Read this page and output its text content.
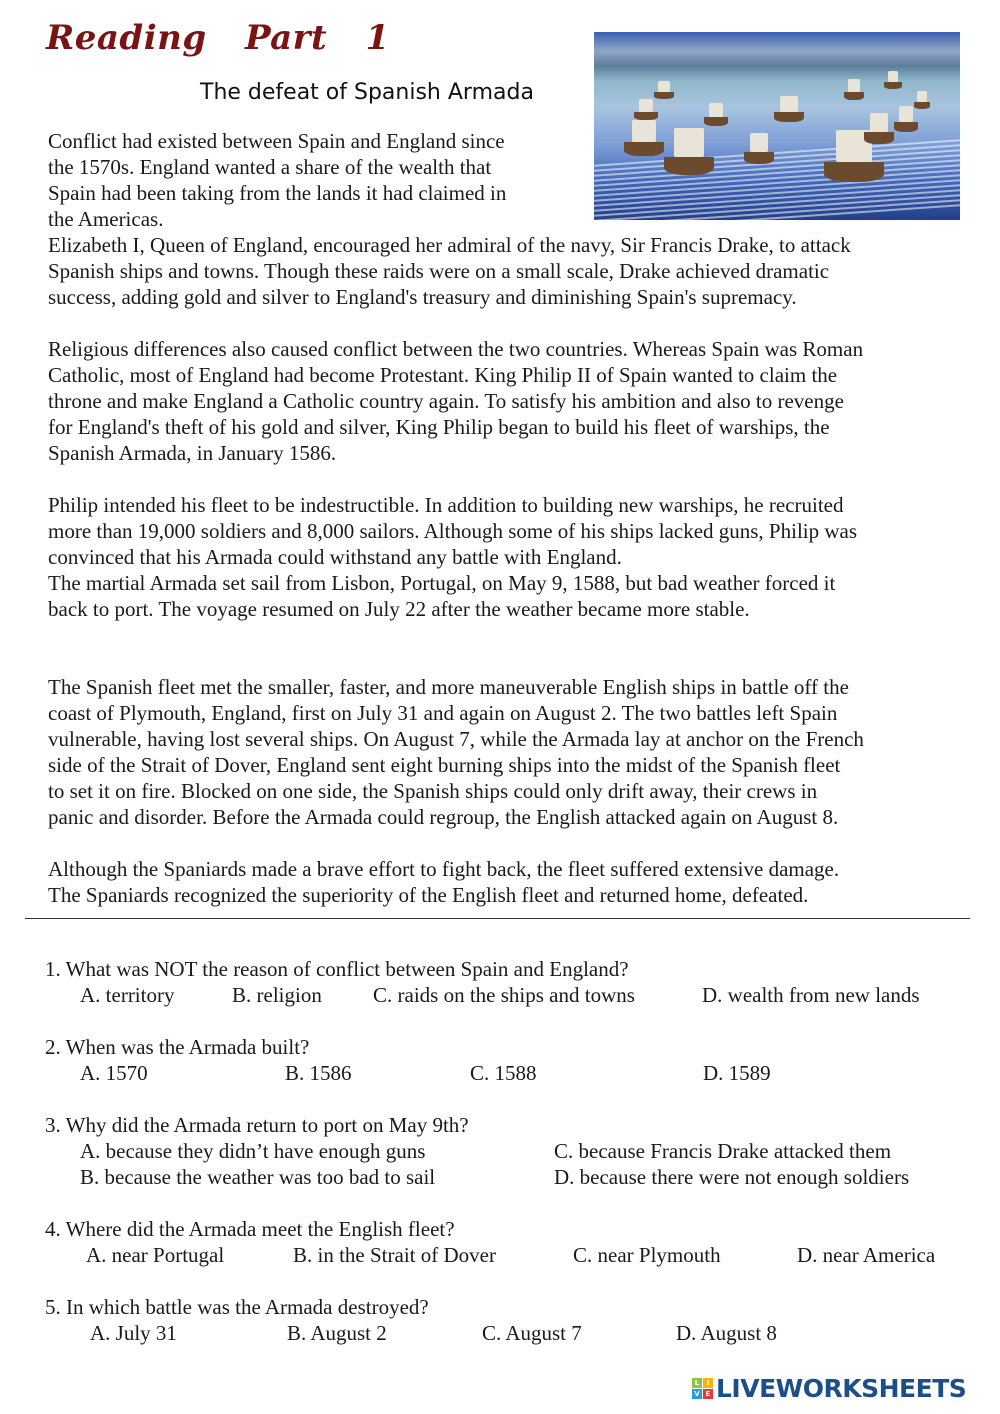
Reading Part 1
The defeat of Spanish Armada
Conflict had existed between Spain and England since
the 1570s. England wanted a share of the wealth that
Spain had been taking from the lands it had claimed in
the Americas.
Elizabeth I, Queen of England, encouraged her admiral of the navy, Sir Francis Drake, to attack
Spanish ships and towns. Though these raids were on a small scale, Drake achieved dramatic
success, adding gold and silver to England's treasury and diminishing Spain's supremacy.
Religious differences also caused conflict between the two countries. Whereas Spain was Roman
Catholic, most of England had become Protestant. King Philip II of Spain wanted to claim the
throne and make England a Catholic country again. To satisfy his ambition and also to revenge
for England's theft of his gold and silver, King Philip began to build his fleet of warships, the
Spanish Armada, in January 1586.
Philip intended his fleet to be indestructible. In addition to building new warships, he recruited
more than 19,000 soldiers and 8,000 sailors. Although some of his ships lacked guns, Philip was
convinced that his Armada could withstand any battle with England.
The martial Armada set sail from Lisbon, Portugal, on May 9, 1588, but bad weather forced it
back to port. The voyage resumed on July 22 after the weather became more stable.
The Spanish fleet met the smaller, faster, and more maneuverable English ships in battle off the
coast of Plymouth, England, first on July 31 and again on August 2. The two battles left Spain
vulnerable, having lost several ships. On August 7, while the Armada lay at anchor on the French
side of the Strait of Dover, England sent eight burning ships into the midst of the Spanish fleet
to set it on fire. Blocked on one side, the Spanish ships could only drift away, their crews in
panic and disorder. Before the Armada could regroup, the English attacked again on August 8.
Although the Spaniards made a brave effort to fight back, the fleet suffered extensive damage.
The Spaniards recognized the superiority of the English fleet and returned home, defeated.
1. What was NOT the reason of conflict between Spain and England?
A. territory	B. religion C. raids on the ships and towns	D. wealth from new lands
2. When was the Armada built?
A. 1570	B. 1586	C. 1588	D. 1589
3. Why did the Armada return to port on May 9th?
A. because they didn’t have enough guns
B. because the weather was too bad to sail
C. because Francis Drake attacked them
D. because there were not enough soldiers
4. Where did the Armada meet the English fleet?
A. near Portugal	B. in the Strait of Dover	C. near Plymouth	D. near America
5. In which battle was the Armada destroyed?
A. July 31	B. August 2	C. August 7	D. August 8
L	I
V E LIVEWORKSHEETS
